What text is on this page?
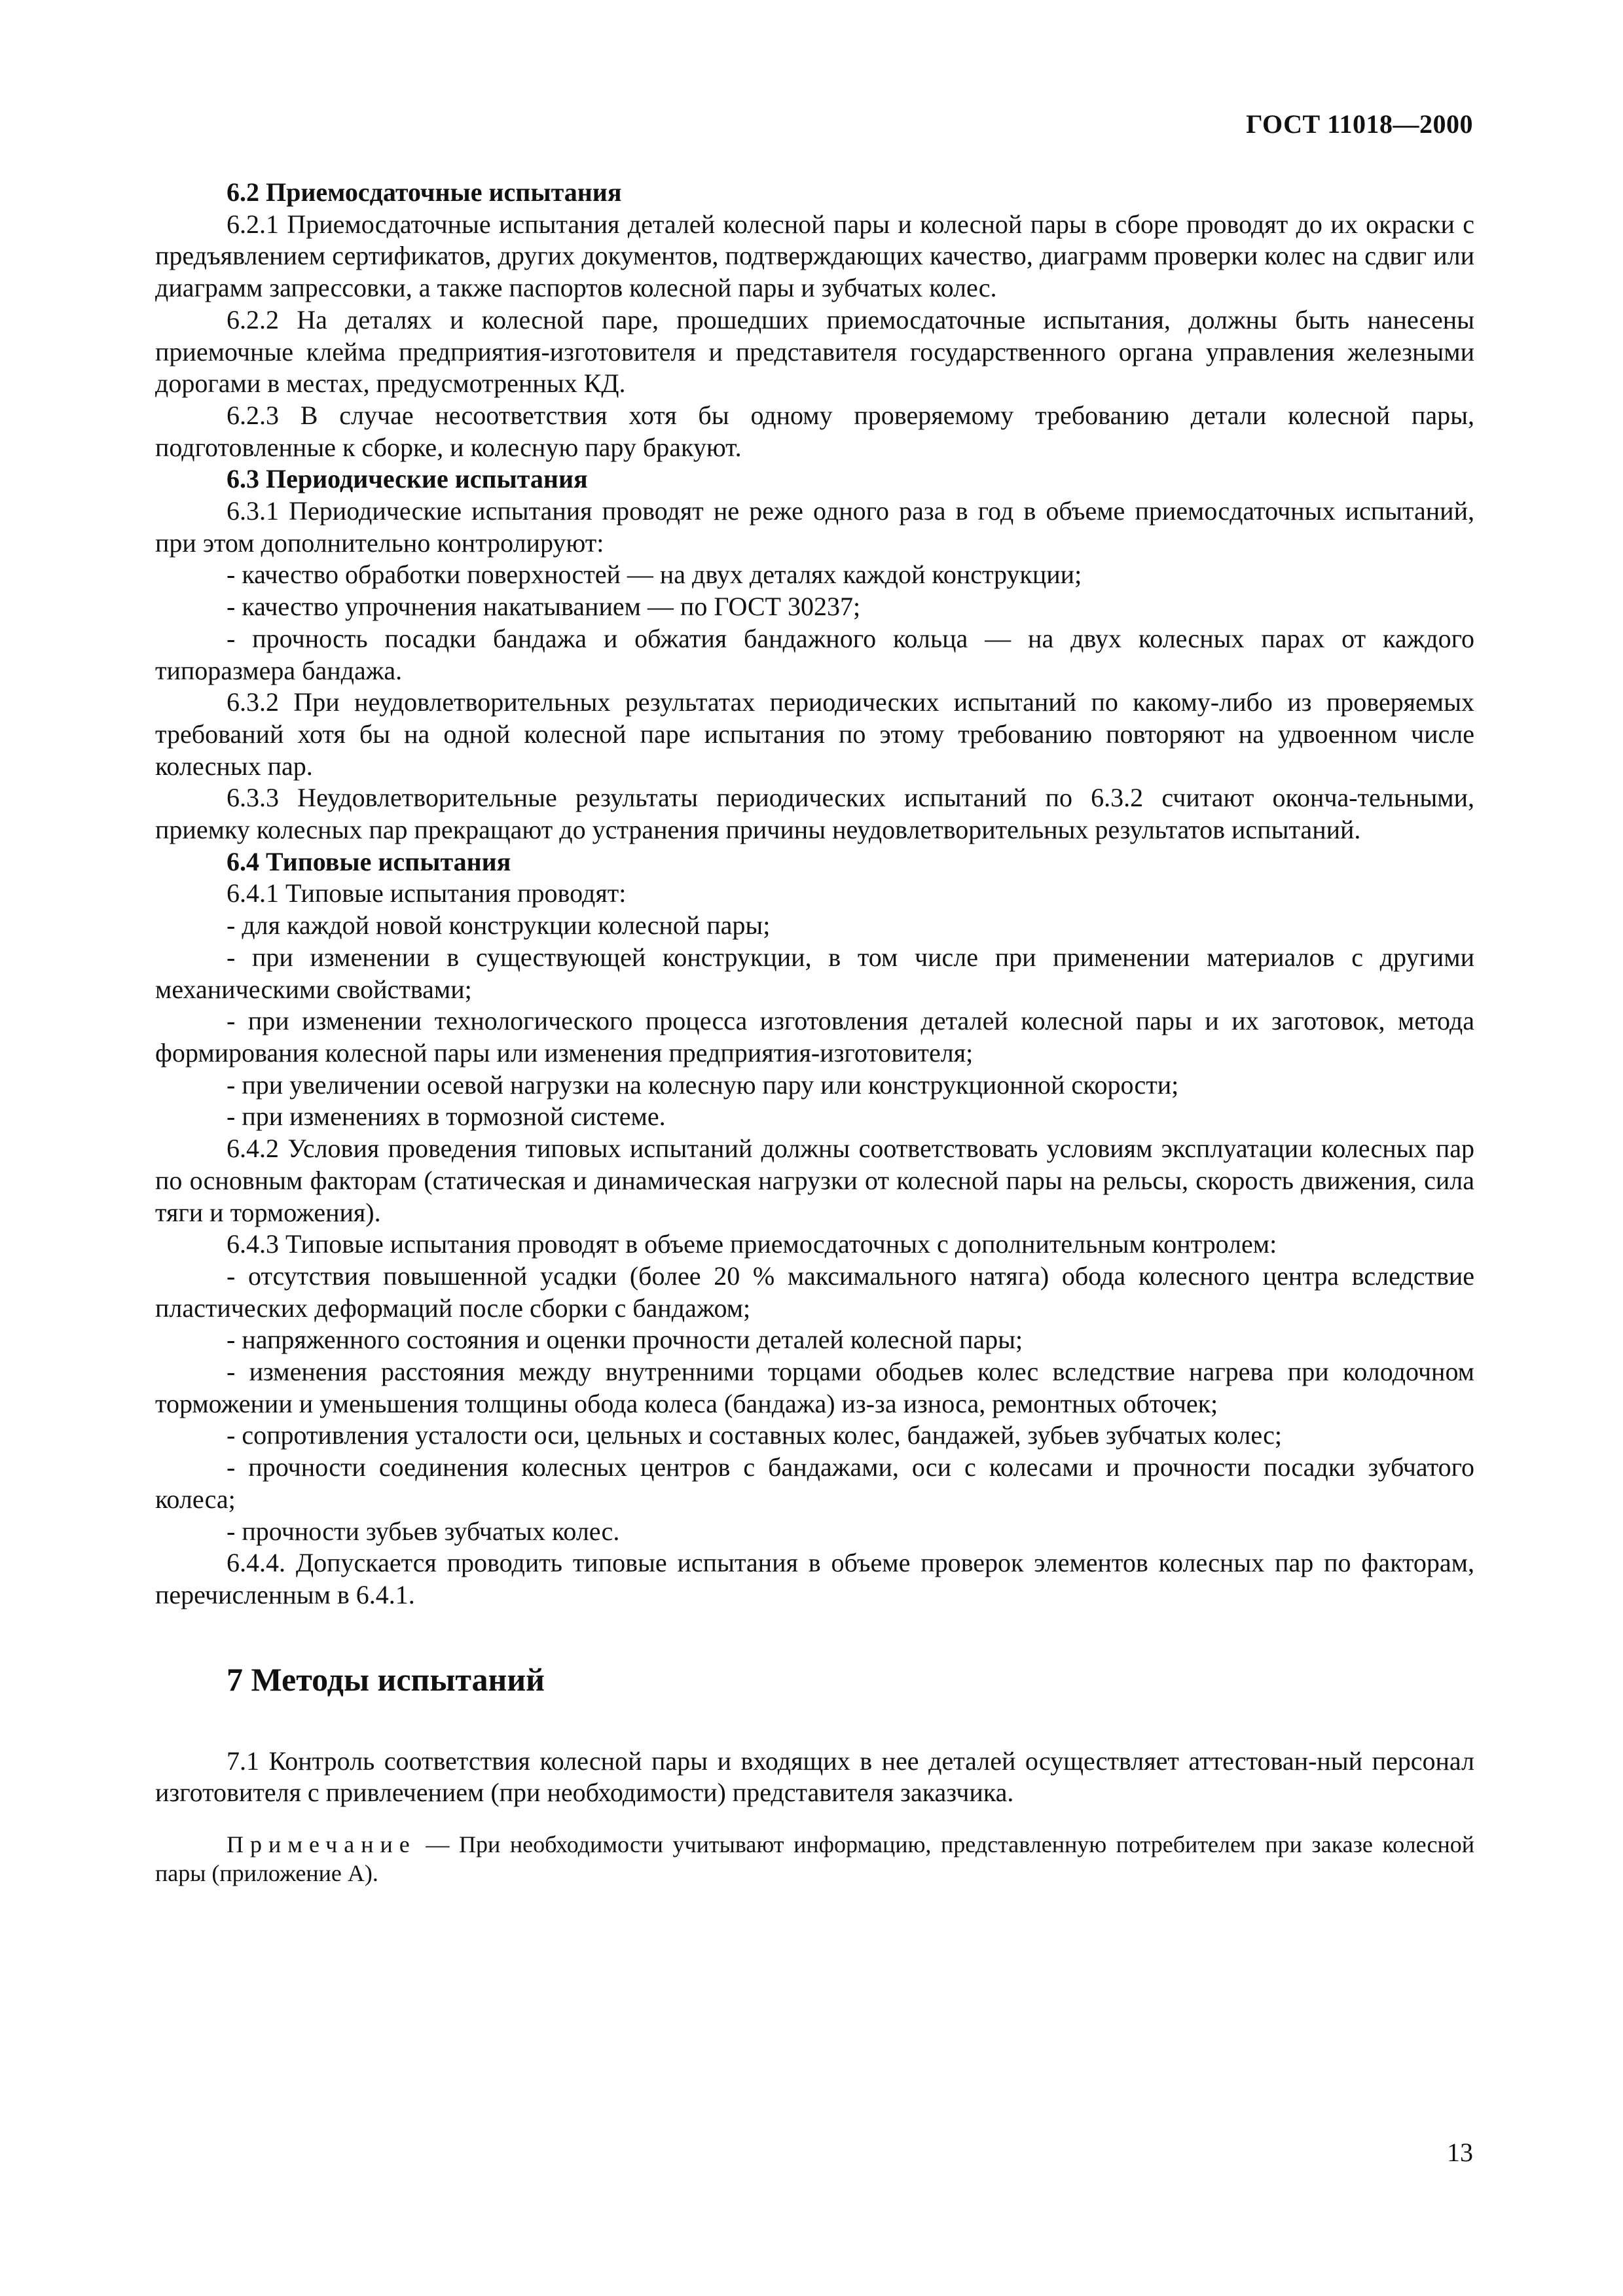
ГОСТ 11018—2000

6.2 Приемосдаточные испытания

6.2.1 Приемосдаточные испытания деталей колесной пары и колесной пары в сборе проводят до их окраски с предъявлением сертификатов, других документов, подтверждающих качество, диаграмм проверки колес на сдвиг или диаграмм запрессовки, а также паспортов колесной пары и зубчатых колес.

6.2.2 На деталях и колесной паре, прошедших приемосдаточные испытания, должны быть нанесены приемочные клейма предприятия-изготовителя и представителя государственного органа управления железными дорогами в местах, предусмотренных КД.

6.2.3 В случае несоответствия хотя бы одному проверяемому требованию детали колесной пары, подготовленные к сборке, и колесную пару бракуют.

6.3 Периодические испытания

6.3.1 Периодические испытания проводят не реже одного раза в год в объеме приемосдаточных испытаний, при этом дополнительно контролируют:

- качество обработки поверхностей — на двух деталях каждой конструкции;

- качество упрочнения накатыванием — по ГОСТ 30237;

- прочность посадки бандажа и обжатия бандажного кольца — на двух колесных парах от каждого типоразмера бандажа.

6.3.2 При неудовлетворительных результатах периодических испытаний по какому-либо из проверяемых требований хотя бы на одной колесной паре испытания по этому требованию повторяют на удвоенном числе колесных пар.

6.3.3 Неудовлетворительные результаты периодических испытаний по 6.3.2 считают оконча-тельными, приемку колесных пар прекращают до устранения причины неудовлетворительных результатов испытаний.

6.4 Типовые испытания

6.4.1 Типовые испытания проводят:

- для каждой новой конструкции колесной пары;

- при изменении в существующей конструкции, в том числе при применении материалов с другими механическими свойствами;

- при изменении технологического процесса изготовления деталей колесной пары и их заготовок, метода формирования колесной пары или изменения предприятия-изготовителя;

- при увеличении осевой нагрузки на колесную пару или конструкционной скорости;

- при изменениях в тормозной системе.

6.4.2 Условия проведения типовых испытаний должны соответствовать условиям эксплуатации колесных пар по основным факторам (статическая и динамическая нагрузки от колесной пары на рельсы, скорость движения, сила тяги и торможения).

6.4.3 Типовые испытания проводят в объеме приемосдаточных с дополнительным контролем:

- отсутствия повышенной усадки (более 20 % максимального натяга) обода колесного центра вследствие пластических деформаций после сборки с бандажом;

- напряженного состояния и оценки прочности деталей колесной пары;

- изменения расстояния между внутренними торцами ободьев колес вследствие нагрева при колодочном торможении и уменьшения толщины обода колеса (бандажа) из-за износа, ремонтных обточек;

- сопротивления усталости оси, цельных и составных колес, бандажей, зубьев зубчатых колес;

- прочности соединения колесных центров с бандажами, оси с колесами и прочности посадки зубчатого колеса;

- прочности зубьев зубчатых колес.

6.4.4. Допускается проводить типовые испытания в объеме проверок элементов колесных пар по факторам, перечисленным в 6.4.1.

7 Методы испытаний

7.1 Контроль соответствия колесной пары и входящих в нее деталей осуществляет аттестован-ный персонал изготовителя с привлечением (при необходимости) представителя заказчика.

Примечание — При необходимости учитывают информацию, представленную потребителем при заказе колесной пары (приложение А).

13
